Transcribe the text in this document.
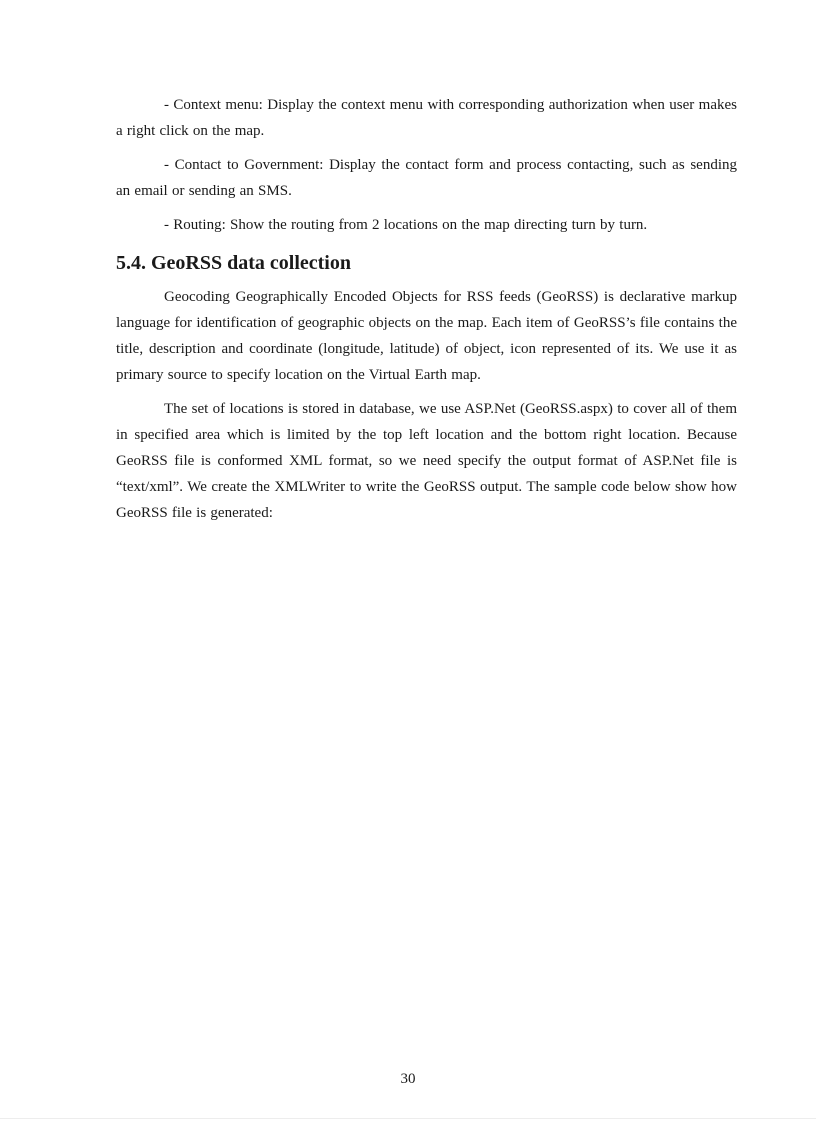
- Context menu: Display the context menu with corresponding authorization when user makes a right click on the map.

- Contact to Government: Display the contact form and process contacting, such as sending an email or sending an SMS.

- Routing: Show the routing from 2 locations on the map directing turn by turn.

5.4. GeoRSS data collection

Geocoding Geographically Encoded Objects for RSS feeds (GeoRSS) is declarative markup language for identification of geographic objects on the map. Each item of GeoRSS’s file contains the title, description and coordinate (longitude, latitude) of object, icon represented of its. We use it as primary source to specify location on the Virtual Earth map.

The set of locations is stored in database, we use ASP.Net (GeoRSS.aspx) to cover all of them in specified area which is limited by the top left location and the bottom right location. Because GeoRSS file is conformed XML format, so we need specify the output format of ASP.Net file is “text/xml”. We create the XMLWriter to write the GeoRSS output. The sample code below show how GeoRSS file is generated:

30
